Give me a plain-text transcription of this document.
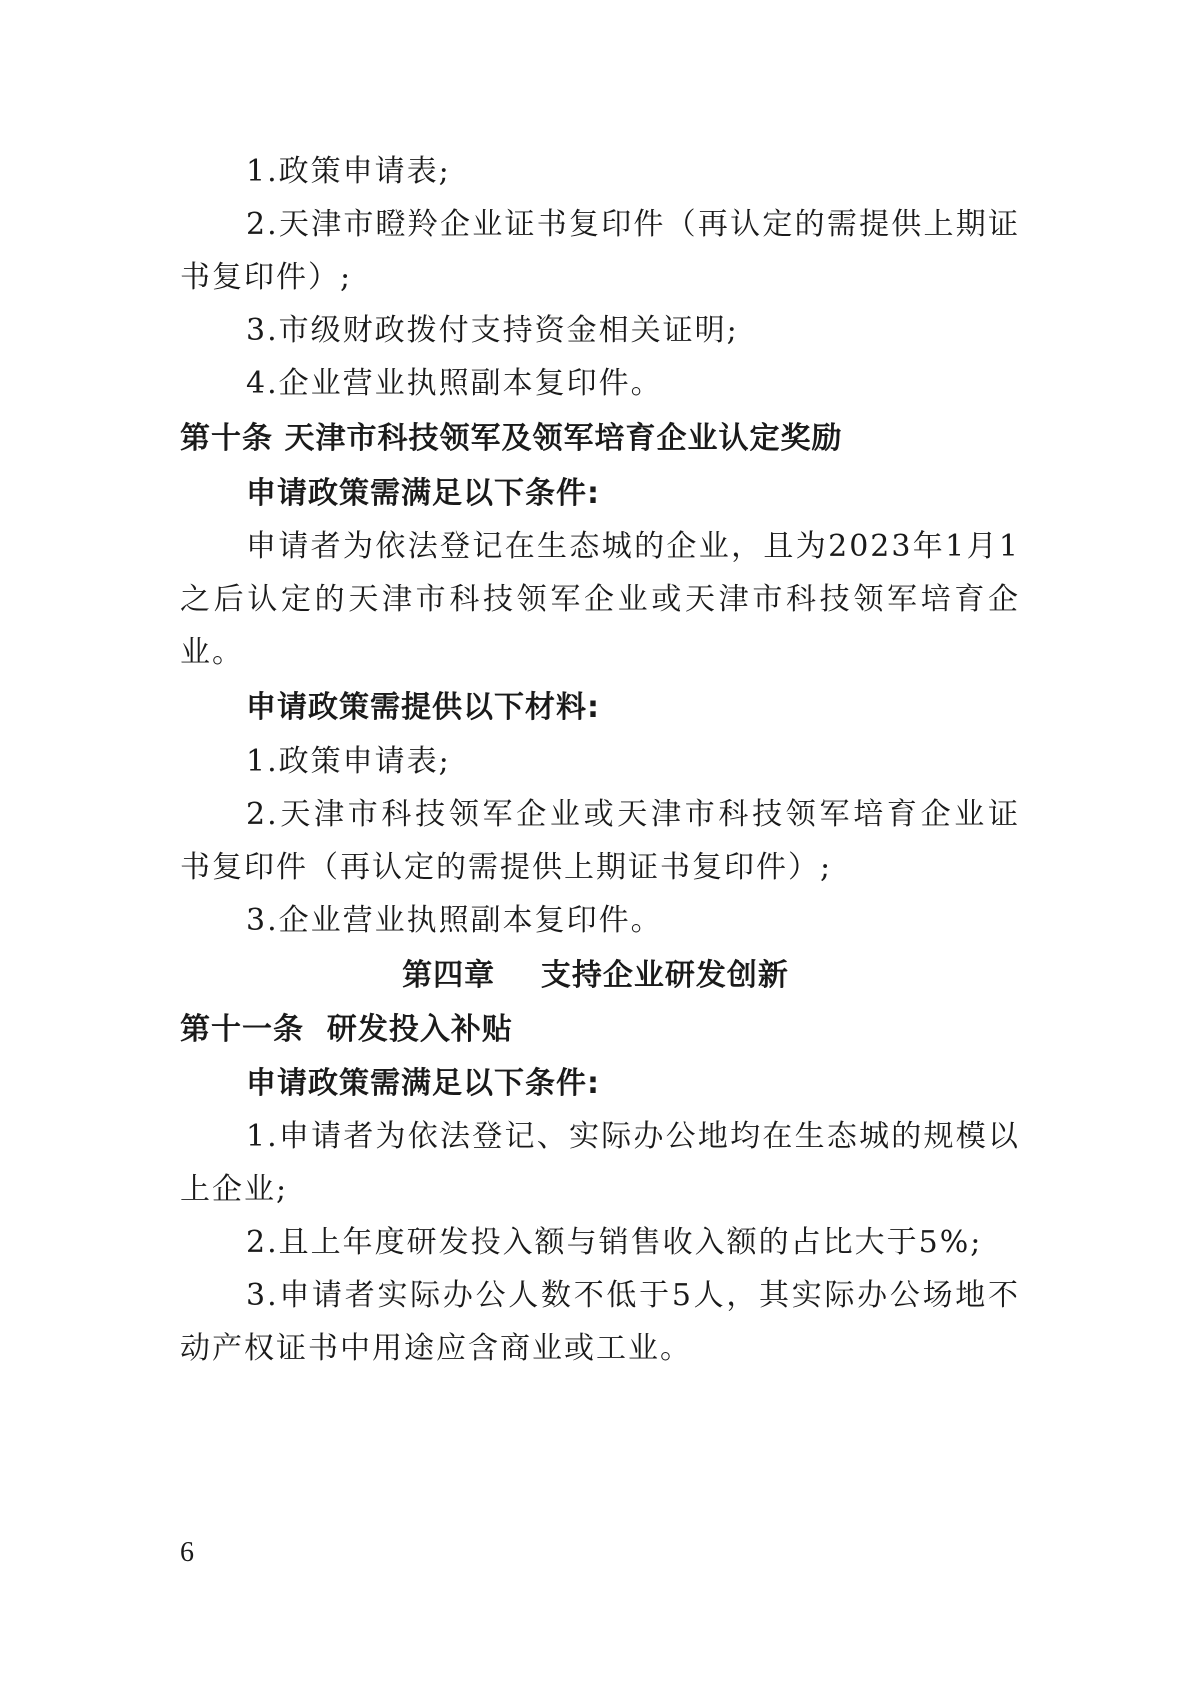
1.政策申请表;
2.天津市瞪羚企业证书复印件（再认定的需提供上期证
书复印件）;
3.市级财政拨付支持资金相关证明;
4.企业营业执照副本复印件。
第十条 天津市科技领军及领军培育企业认定奖励
申请政策需满足以下条件:
申请者为依法登记在生态城的企业，且为2023年1月1
之后认定的天津市科技领军企业或天津市科技领军培育企
业。
申请政策需提供以下材料:
1.政策申请表;
2.天津市科技领军企业或天津市科技领军培育企业证
书复印件（再认定的需提供上期证书复印件）;
3.企业营业执照副本复印件。
第四章    支持企业研发创新
第十一条  研发投入补贴
申请政策需满足以下条件:
1.申请者为依法登记、实际办公地均在生态城的规模以
上企业;
2.且上年度研发投入额与销售收入额的占比大于5%;
3.申请者实际办公人数不低于5人，其实际办公场地不
动产权证书中用途应含商业或工业。
6
